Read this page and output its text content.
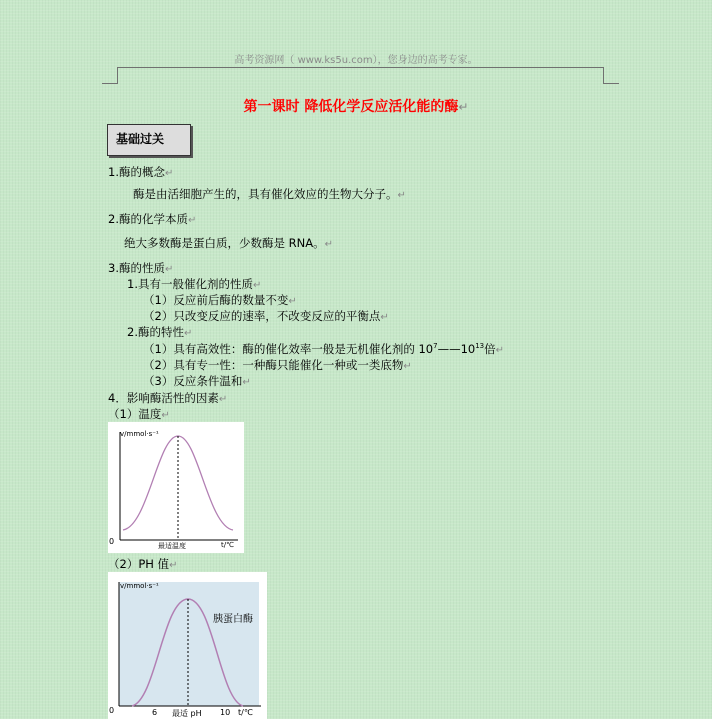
高考资源网（ www.ks5u.com），您身边的高考专家。
第一课时 降低化学反应活化能的酶↵
基础过关
1.酶的概念↵
酶是由活细胞产生的，具有催化效应的生物大分子。↵
2.酶的化学本质↵
绝大多数酶是蛋白质，少数酶是 RNA。↵
3.酶的性质↵
1.具有一般催化剂的性质↵
（1）反应前后酶的数量不变↵
（2）只改变反应的速率，不改变反应的平衡点↵
2.酶的特性↵
（1）具有高效性：酶的催化效率一般是无机催化剂的 $10^7——10^{13}$倍↵
（2）具有专一性：一种酶只能催化一种或一类底物↵
（3）反应条件温和↵
4．影响酶活性的因素↵
（1）温度↵
v/mmol·s⁻¹
0	最适温度	t/℃
（2）PH 值↵
v/mmol·s⁻¹
胰蛋白酶
0	6 最适 pH 10 t/℃
